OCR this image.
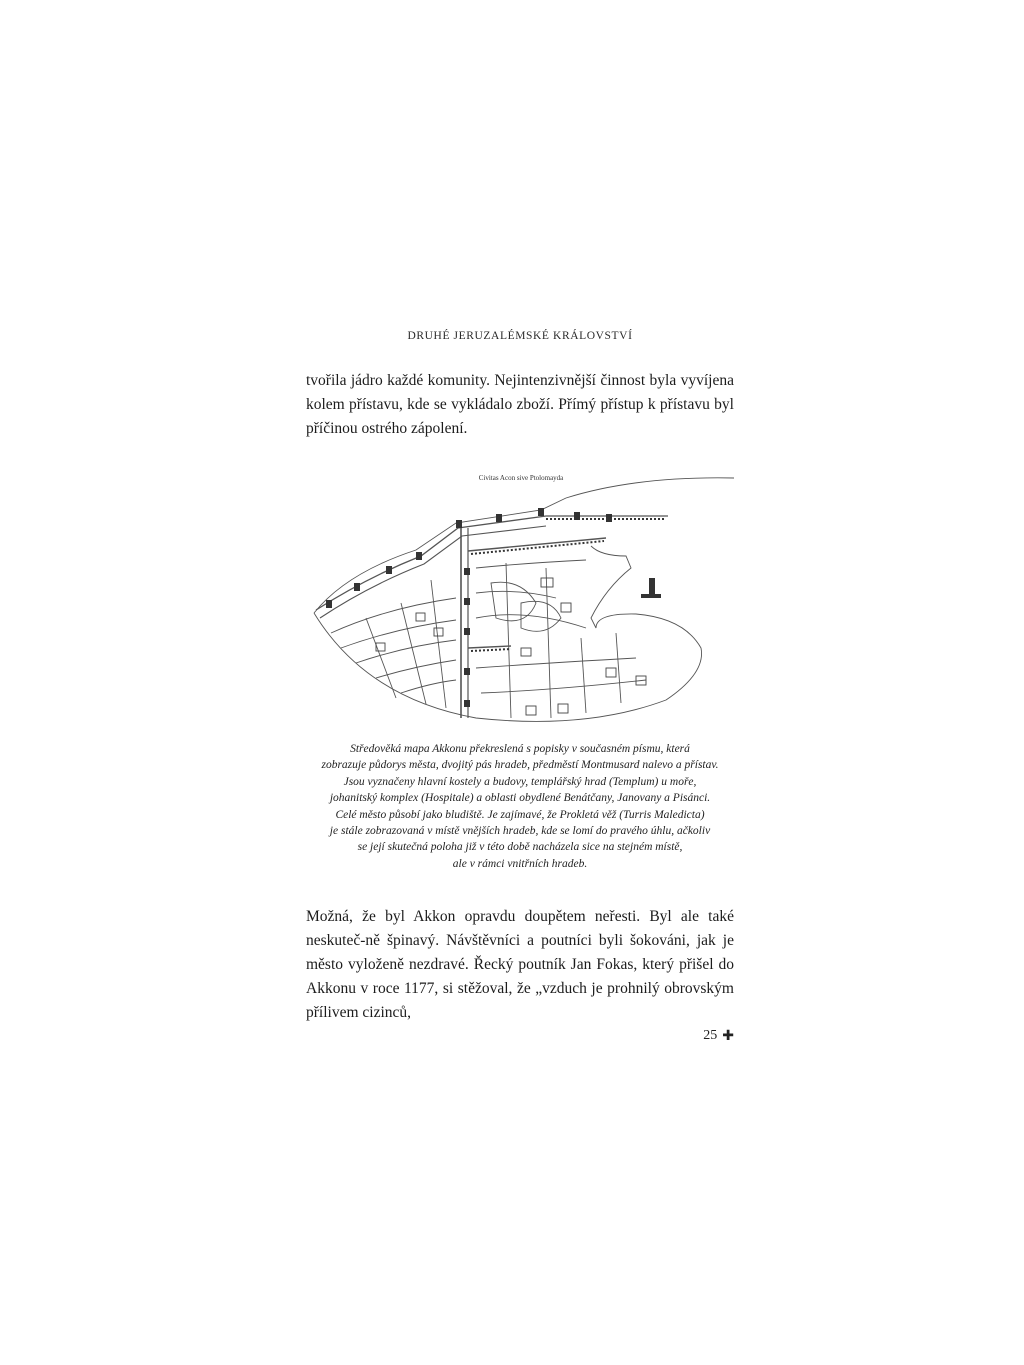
DRUHÉ JERUZALÉMSKÉ KRÁLOVSTVÍ

tvořila jádro každé komunity. Nejintenzivnější činnost byla vyvíjena kolem přístavu, kde se vykládalo zboží. Přímý přístup k přístavu byl příčinou ostrého zápolení.

Civitas Acon sive Ptolomayda
Středověká mapa Akkonu překreslená s popisky v současném písmu, která
zobrazuje půdorys města, dvojitý pás hradeb, předměstí Montmusard nalevo a přístav.
Jsou vyznačeny hlavní kostely a budovy, templářský hrad (Templum) u moře,
johanitský komplex (Hospitale) a oblasti obydlené Benátčany, Janovany a Pisánci.
Celé město působí jako bludiště. Je zajímavé, že Prokletá věž (Turris Maledicta)
je stále zobrazovaná v místě vnějších hradeb, kde se lomí do pravého úhlu, ačkoliv
se její skutečná poloha již v této době nacházela sice na stejném místě,
ale v rámci vnitřních hradeb.

Možná, že byl Akkon opravdu doupětem neřesti. Byl ale také neskuteč-ně špinavý. Návštěvníci a poutníci byli šokováni, jak je město vyloženě nezdravé. Řecký poutník Jan Fokas, který přišel do Akkonu v roce 1177, si stěžoval, že „vzduch je prohnilý obrovským přílivem cizinců,

25 ✚
